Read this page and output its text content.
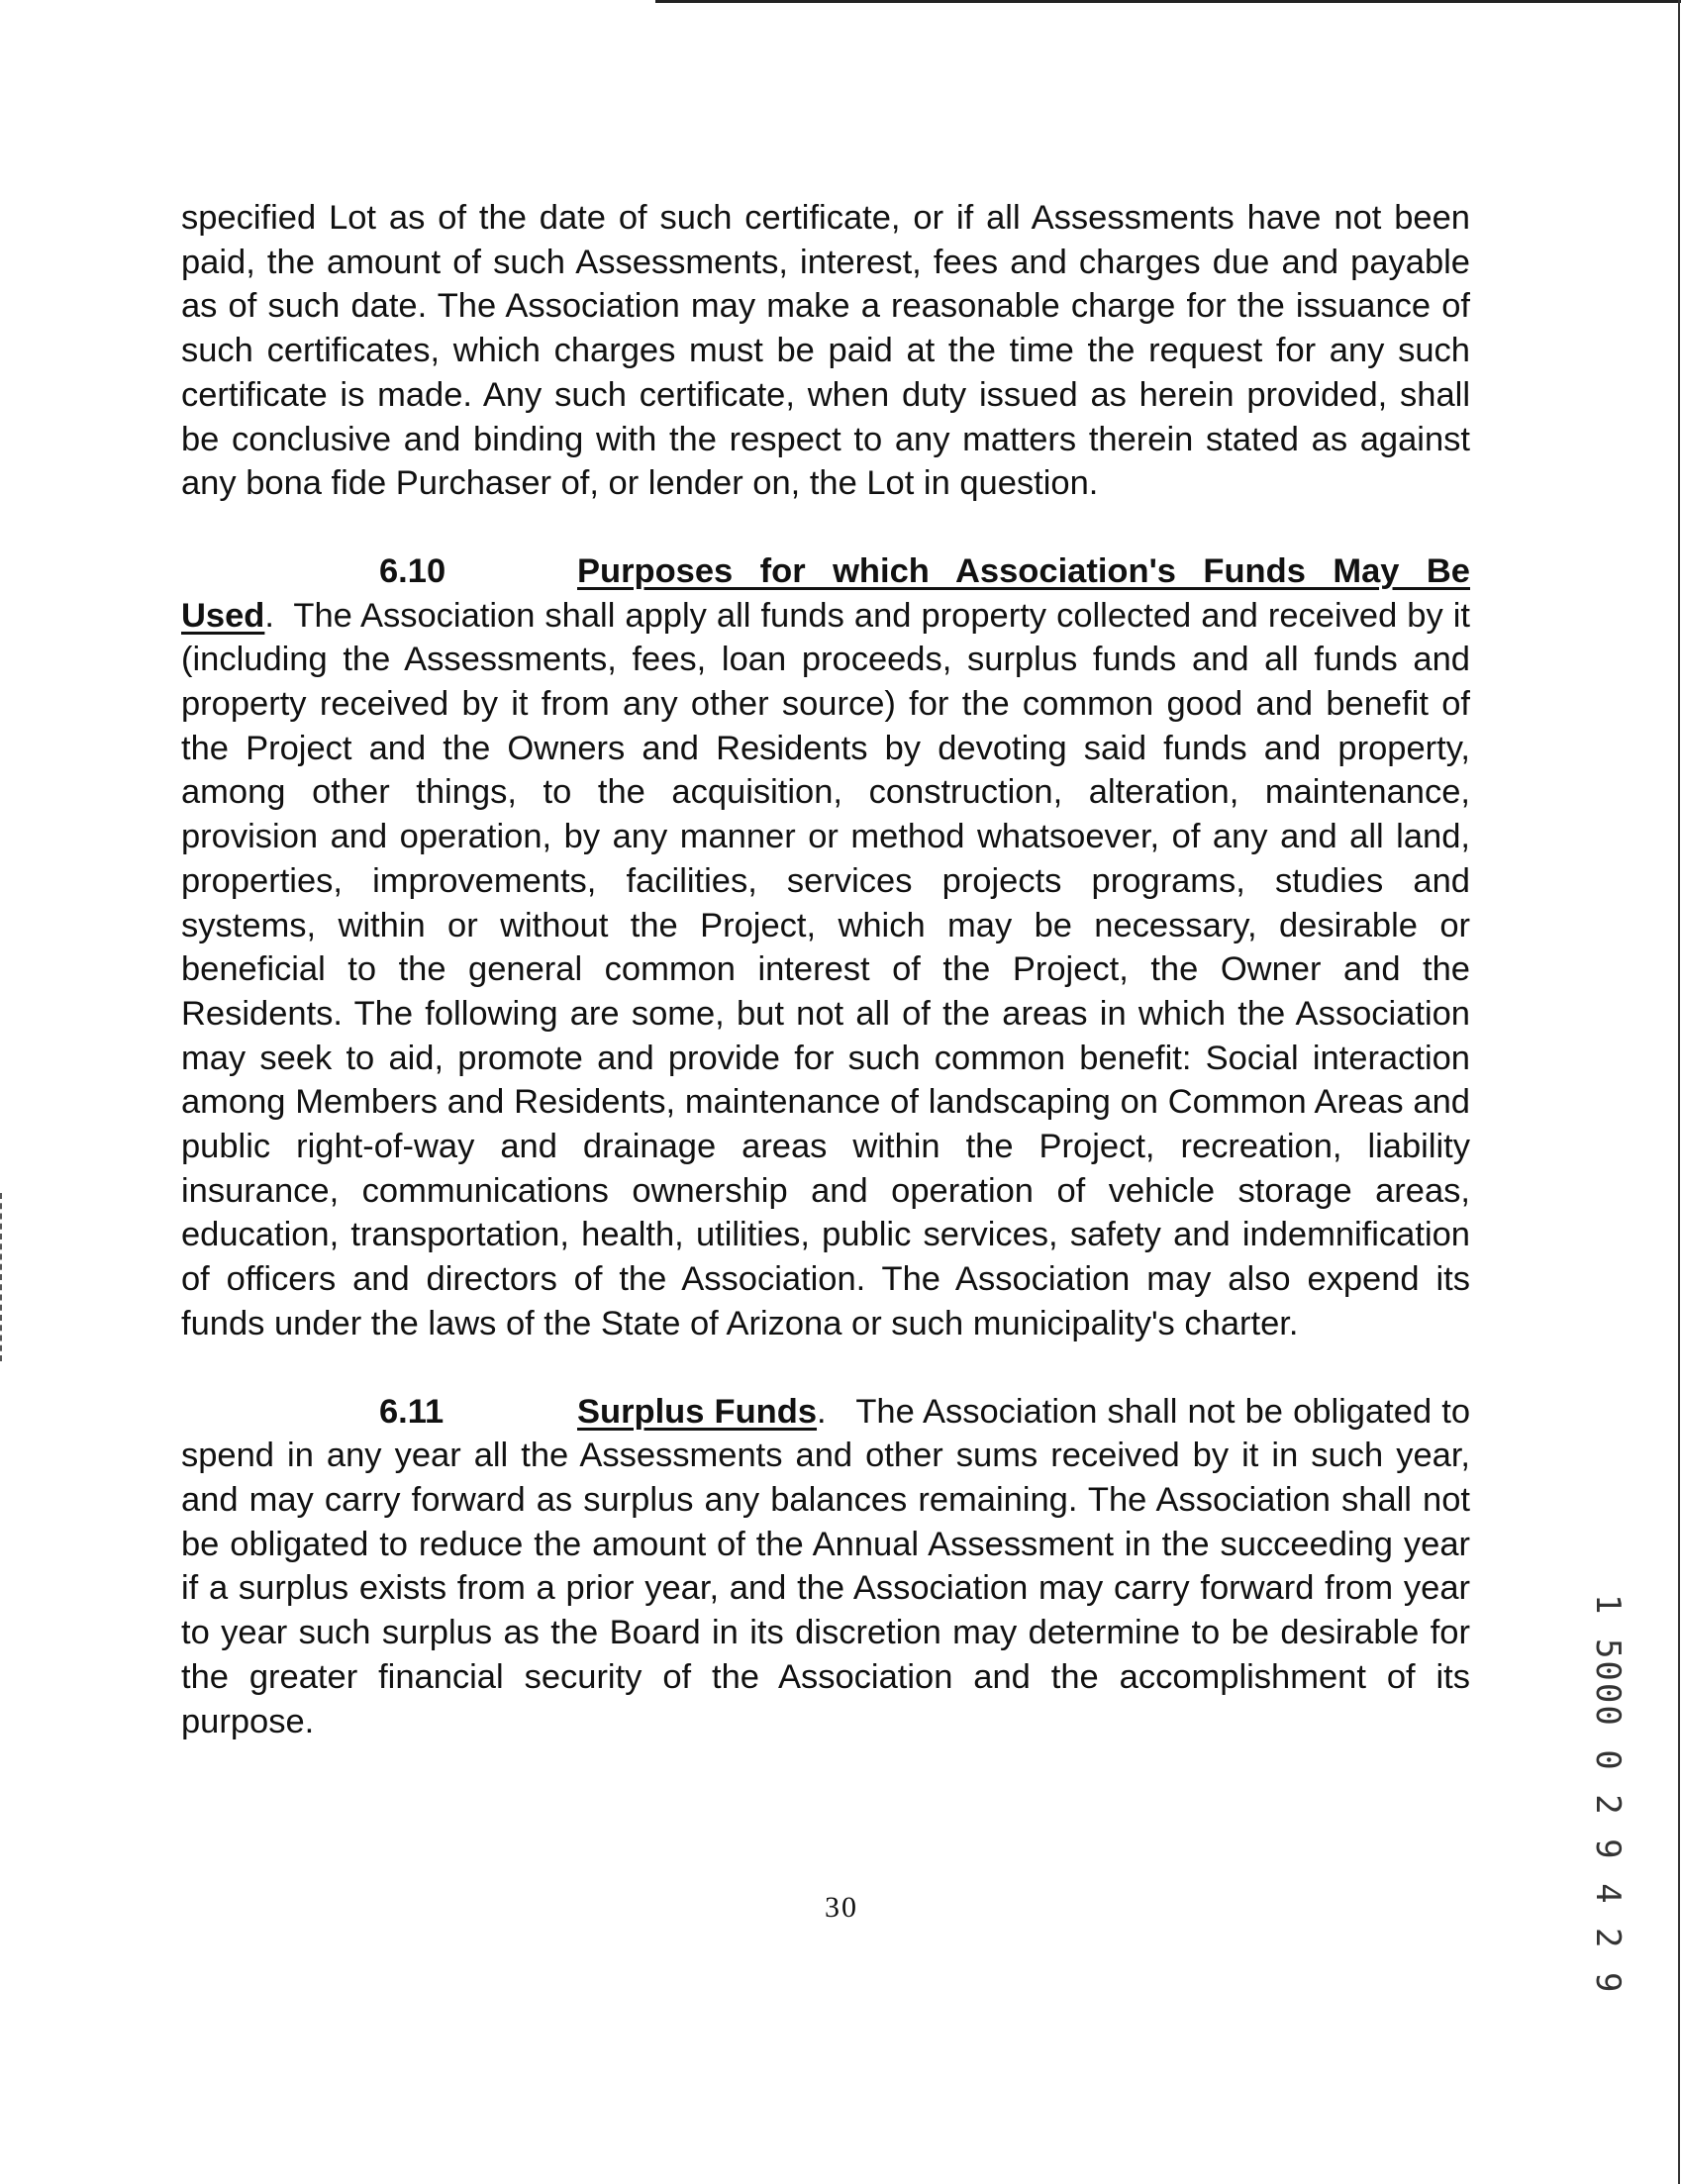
specified Lot as of the date of such certificate, or if all Assessments have not been paid, the amount of such Assessments, interest, fees and charges due and payable as of such date. The Association may make a reasonable charge for the issuance of such certificates, which charges must be paid at the time the request for any such certificate is made. Any such certificate, when duty issued as herein provided, shall be conclusive and binding with the respect to any matters therein stated as against any bona fide Purchaser of, or lender on, the Lot in question.

6.10	Purposes for which Association's Funds May Be Used.  The Association shall apply all funds and property collected and received by it (including the Assessments, fees, loan proceeds, surplus funds and all funds and property received by it from any other source) for the common good and benefit of the Project and the Owners and Residents by devoting said funds and property, among other things, to the acquisition, construction, alteration, maintenance, provision and operation, by any manner or method whatsoever, of any and all land, properties, improvements, facilities, services projects programs, studies and systems, within or without the Project, which may be necessary, desirable or beneficial to the general common interest of the Project, the Owner and the Residents. The following are some, but not all of the areas in which the Association may seek to aid, promote and provide for such common benefit: Social interaction among Members and Residents, maintenance of landscaping on Common Areas and public right-of-way and drainage areas within the Project, recreation, liability insurance, communications ownership and operation of vehicle storage areas, education, transportation, health, utilities, public services, safety and indemnification of officers and directors of the Association. The Association may also expend its funds under the laws of the State of Arizona or such municipality's charter.

6.11	Surplus Funds.   The Association shall not be obligated to spend in any year all the Assessments and other sums received by it in such year, and may carry forward as surplus any balances remaining. The Association shall not be obligated to reduce the amount of the Annual Assessment in the succeeding year if a surplus exists from a prior year, and the Association may carry forward from year to year such surplus as the Board in its discretion may determine to be desirable for the greater financial security of the Association and the accomplishment of its purpose.

30	1 5000 0 2 9 4 2 9
